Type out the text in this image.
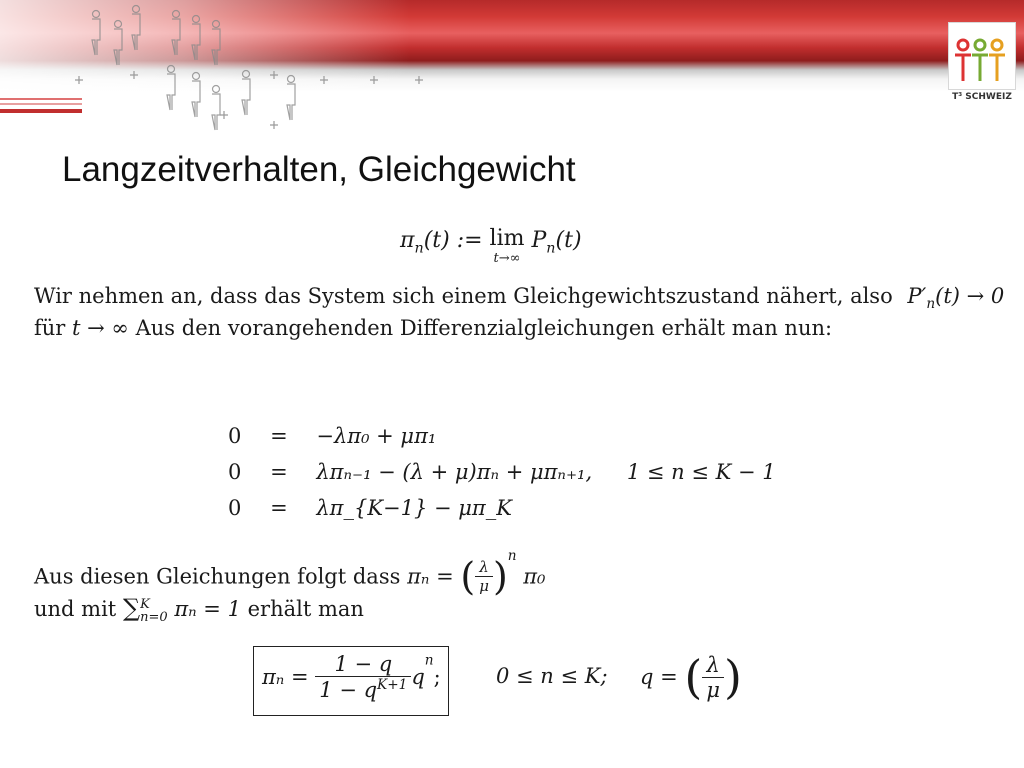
T³ SCHWEIZ
Langzeitverhalten, Gleichgewicht
$\pi_n(t)$ := lim
t→∞
$P_n(t)$
Wir nehmen an, dass das System sich einem Gleichgewichtszustand nähert, also $P'_n(t) \to 0$
für t → ∞ Aus den vorangehenden Differenzialgleichungen erhält man nun:
0 = −λπ₀ + μπ₁
0 = λπₙ₋₁ − (λ + μ)πₙ + μπₙ₊₁, 1 ≤ n ≤ K − 1
0 = λπ_{K−1} − μπ_K
Aus diesen Gleichungen folgt dass πₙ = ( $\frac{\lambda}{\mu} )^n$ π₀
und mit ∑ K
n=0 πₙ = 1 erhält man
$\pi_n = \frac{1 - q}{1 - q^{K+1}} q^n$;	0 ≤ n ≤ K; q = ( $\frac{\lambda}{\mu}$ )
